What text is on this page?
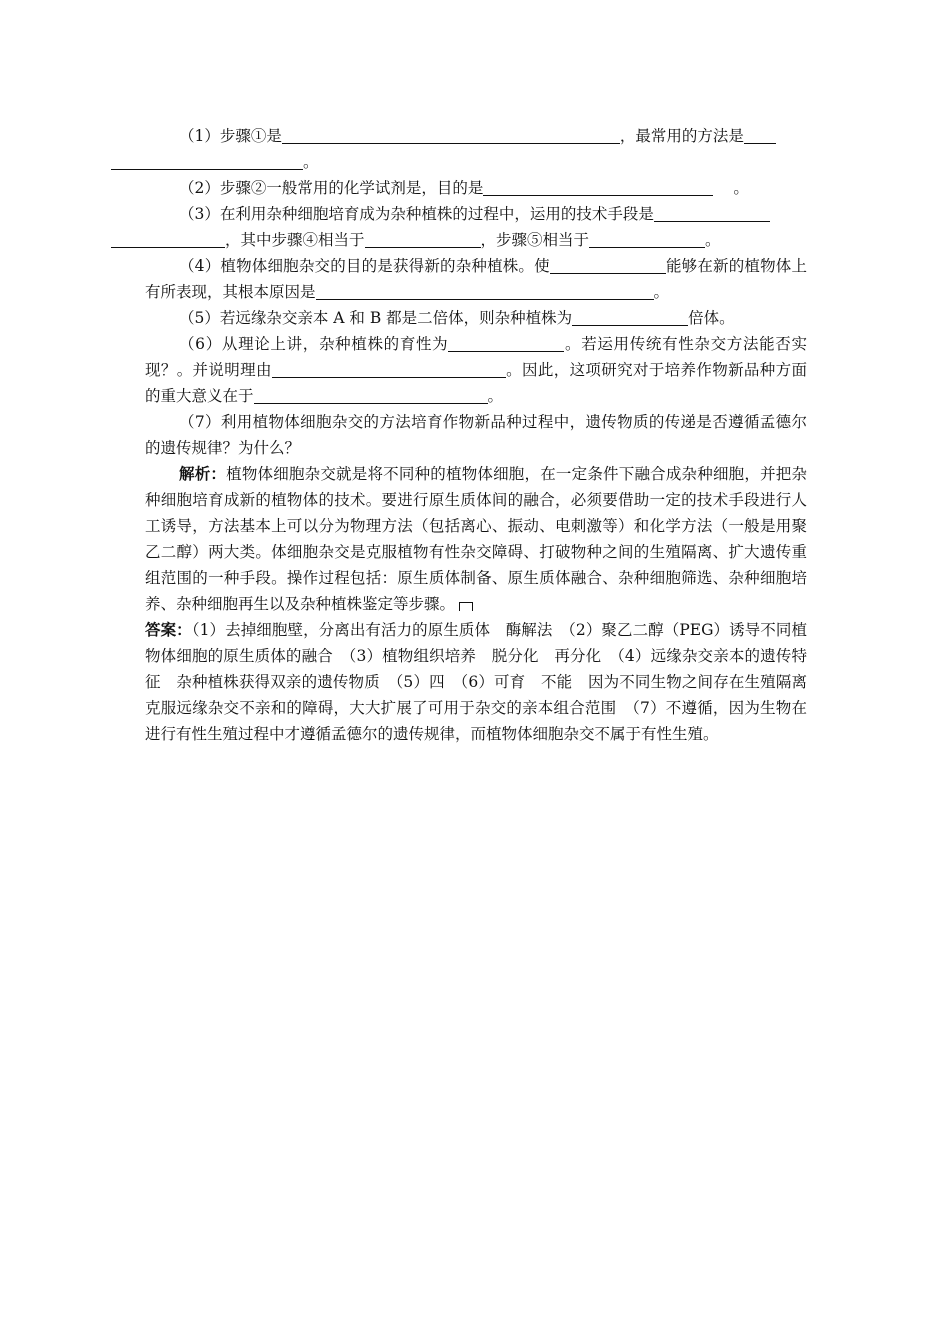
（1）步骤①是	，最常用的方法是
。

（2）步骤②一般常用的化学试剂是，目的是	。

（3）在利用杂种细胞培育成为杂种植株的过程中，运用的技术手段是
，其中步骤④相当于	，步骤⑤相当于	。

（4）植物体细胞杂交的目的是获得新的杂种植株。使	能够在新的植物体上有所表现，其根本原因是	。

（5）若远缘杂交亲本 A 和 B 都是二倍体，则杂种植株为	倍体。

（6）从理论上讲，杂种植株的育性为	。若运用传统有性杂交方法能否实现？。并说明理由	。因此，这项研究对于培养作物新品种方面的重大意义在于	。

（7）利用植物体细胞杂交的方法培育作物新品种过程中，遗传物质的传递是否遵循孟德尔的遗传规律？为什么？

解析：植物体细胞杂交就是将不同种的植物体细胞，在一定条件下融合成杂种细胞，并把杂种细胞培育成新的植物体的技术。要进行原生质体间的融合，必须要借助一定的技术手段进行人工诱导，方法基本上可以分为物理方法（包括离心、振动、电刺激等）和化学方法（一般是用聚乙二醇）两大类。体细胞杂交是克服植物有性杂交障碍、打破物种之间的生殖隔离、扩大遗传重组范围的一种手段。操作过程包括：原生质体制备、原生质体融合、杂种细胞筛选、杂种细胞培养、杂种细胞再生以及杂种植株鉴定等步骤。

答案：（1）去掉细胞壁，分离出有活力的原生质体　酶解法　（2）聚乙二醇（PEG）诱导不同植物体细胞的原生质体的融合　（3）植物组织培养　脱分化　再分化　（4）远缘杂交亲本的遗传特征　杂种植株获得双亲的遗传物质　（5）四　（6）可育　不能　因为不同生物之间存在生殖隔离　克服远缘杂交不亲和的障碍，大大扩展了可用于杂交的亲本组合范围　（7）不遵循，因为生物在进行有性生殖过程中才遵循孟德尔的遗传规律，而植物体细胞杂交不属于有性生殖。
